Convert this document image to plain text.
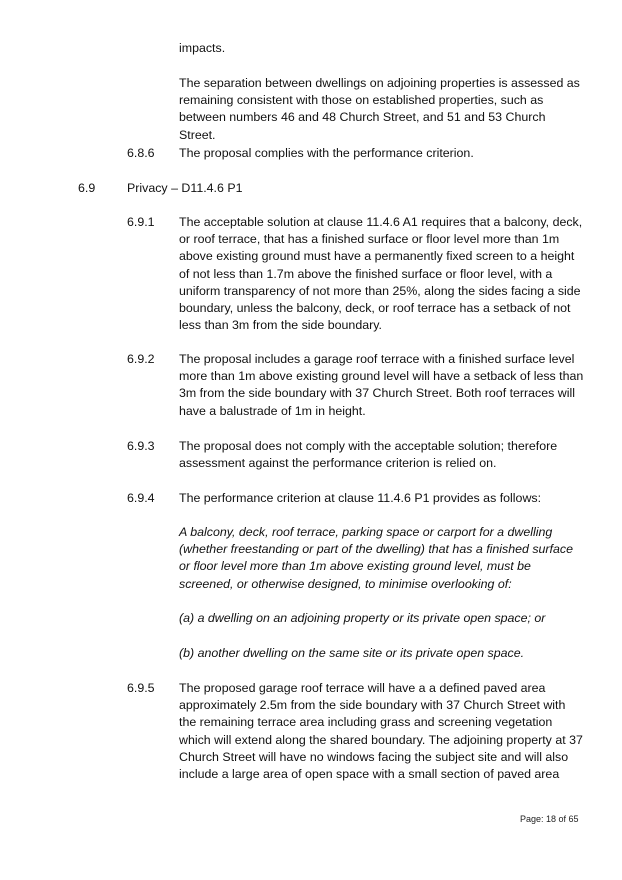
impacts.

The separation between dwellings on adjoining properties is assessed as remaining consistent with those on established properties, such as between numbers 46 and 48 Church Street, and 51 and 53 Church Street.

6.8.6 The proposal complies with the performance criterion.

6.9	Privacy – D11.4.6 P1
6.9.1 The acceptable solution at clause 11.4.6 A1 requires that a balcony, deck, or roof terrace, that has a finished surface or floor level more than 1m above existing ground must have a permanently fixed screen to a height of not less than 1.7m above the finished surface or floor level, with a uniform transparency of not more than 25%, along the sides facing a side boundary, unless the balcony, deck, or roof terrace has a setback of not less than 3m from the side boundary.

6.9.2 The proposal includes a garage roof terrace with a finished surface level more than 1m above existing ground level will have a setback of less than 3m from the side boundary with 37 Church Street. Both roof terraces will have a balustrade of 1m in height.

6.9.3 The proposal does not comply with the acceptable solution; therefore assessment against the performance criterion is relied on.

6.9.4 The performance criterion at clause 11.4.6 P1 provides as follows:

A balcony, deck, roof terrace, parking space or carport for a dwelling (whether freestanding or part of the dwelling) that has a finished surface or floor level more than 1m above existing ground level, must be screened, or otherwise designed, to minimise overlooking of:

(a) a dwelling on an adjoining property or its private open space; or

(b) another dwelling on the same site or its private open space.

6.9.5 The proposed garage roof terrace will have a a defined paved area approximately 2.5m from the side boundary with 37 Church Street with the remaining terrace area including grass and screening vegetation which will extend along the shared boundary. The adjoining property at 37 Church Street will have no windows facing the subject site and will also include a large area of open space with a small section of paved area

Page: 18 of 65
